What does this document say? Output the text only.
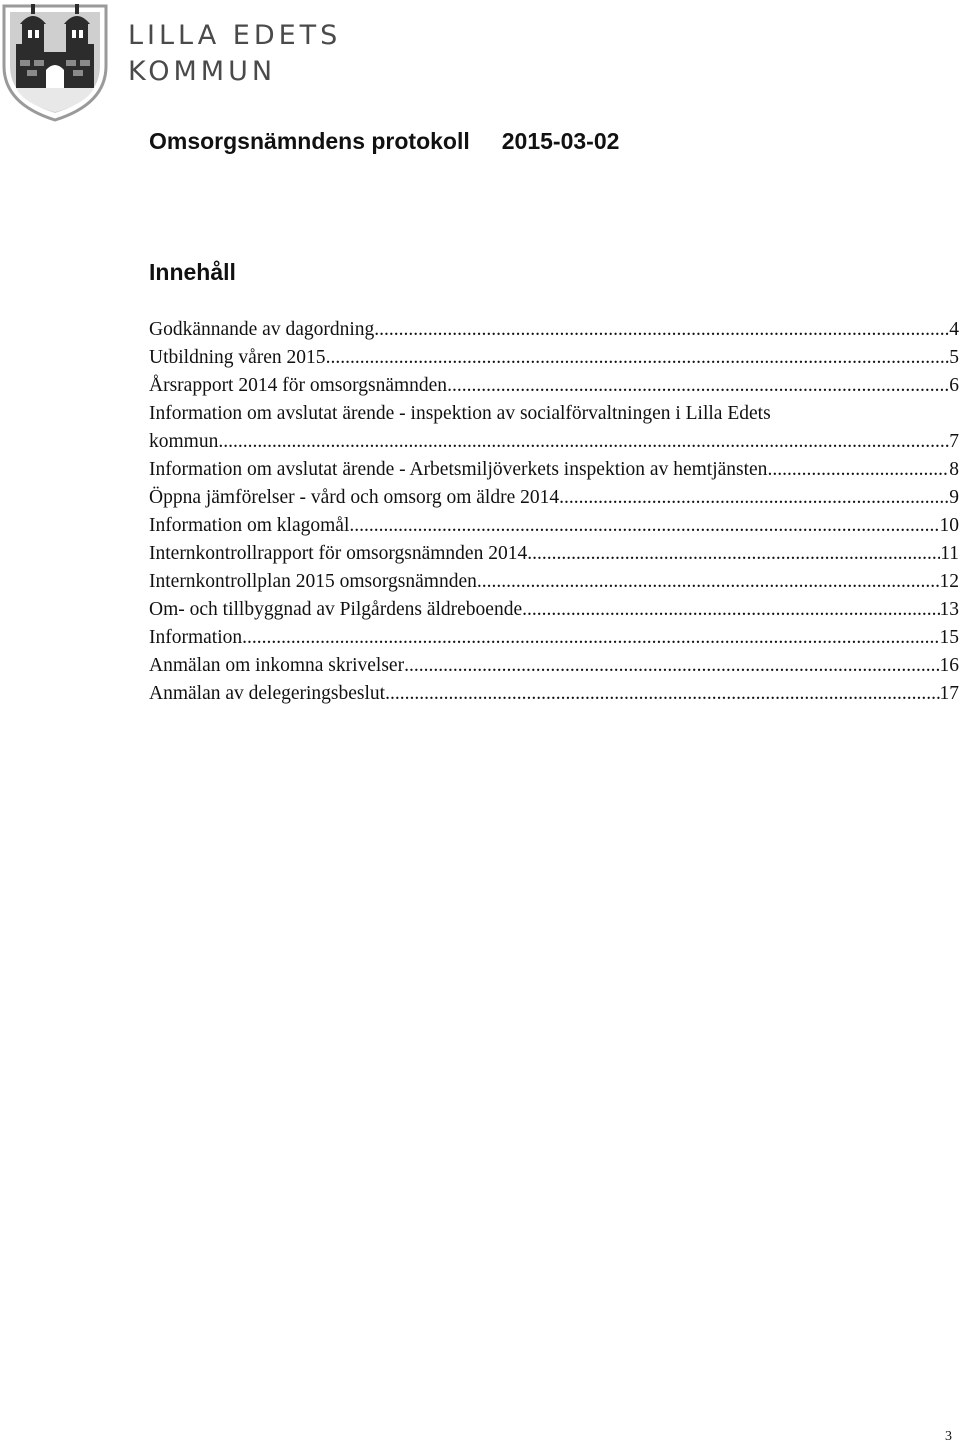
LILLA EDETS
KOMMUN
Omsorgsnämndens protokoll 2015-03-02
Innehåll
Godkännande av dagordning .....	4
Utbildning våren 2015 .....	5
Årsrapport 2014 för omsorgsnämnden .....	6
Information om avslutat ärende - inspektion av socialförvaltningen i Lilla Edets
kommun .....	7
Information om avslutat ärende - Arbetsmiljöverkets inspektion av hemtjänsten .....	8
Öppna jämförelser - vård och omsorg om äldre 2014 .....	9
Information om klagomål .....	10
Internkontrollrapport för omsorgsnämnden 2014 .....	11
Internkontrollplan 2015 omsorgsnämnden .....	12
Om- och tillbyggnad av Pilgårdens äldreboende .....	13
Information .....	15
Anmälan om inkomna skrivelser .....	16
Anmälan av delegeringsbeslut .....	17
3
